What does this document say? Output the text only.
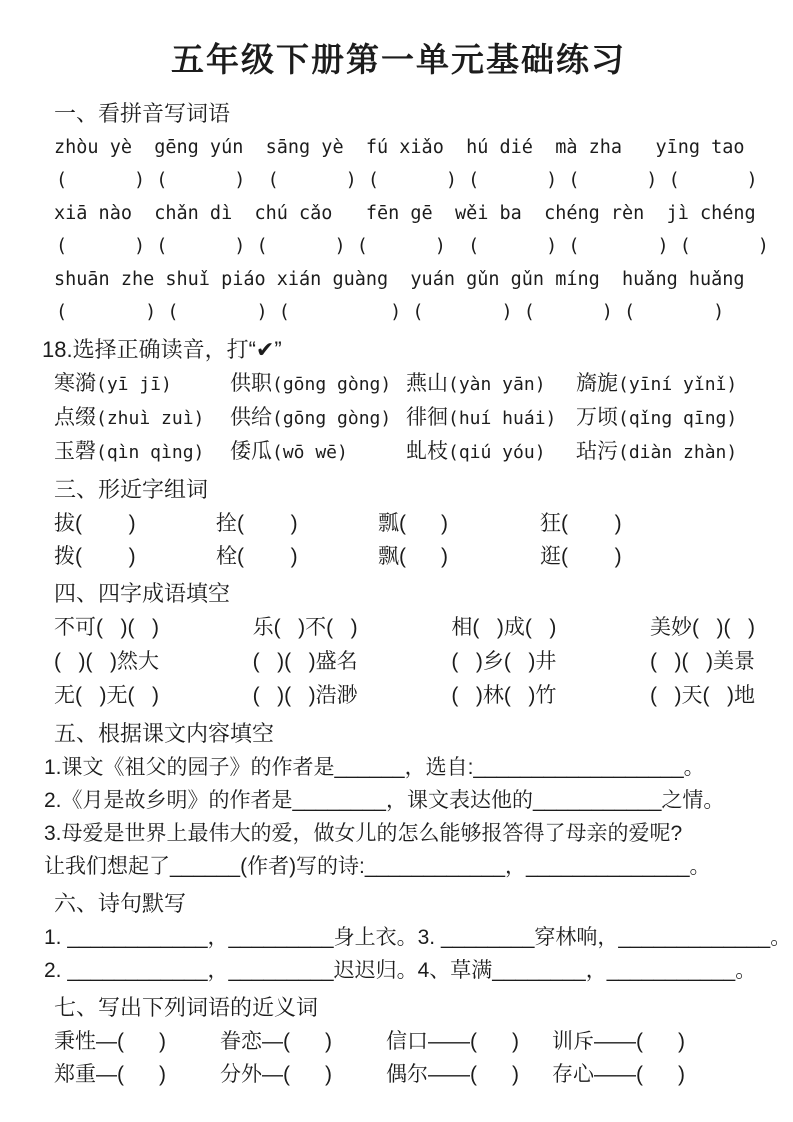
五年级下册第一单元基础练习
一、看拼音写词语
zhòu yè  gēng yún  sāng yè  fú xiǎo  hú dié  mà zha   yīng tao
(      ) (      )  (      ) (      ) (      ) (      ) (      )
xiā nào  chǎn dì  chú cǎo   fēn gē  wěi ba  chéng rèn  jì chéng
(      ) (      ) (      ) (      )  (      ) (       ) (      )
shuān zhe shuǐ piáo xián guàng  yuán gǔn gǔn míng  huǎng huǎng
(       ) (       ) (         ) (       ) (      ) (       )
18.选择正确读音，打“✔”
寒漪(yī jī)	供职(gōng gòng) 燕山(yàn yān)	旖旎(yīní yǐnǐ)
点缀(zhuì zuì)	供给(gōng gòng) 徘徊(huí huái) 万顷(qǐng qīng)
玉磬(qìn qìng)	倭瓜(wō wē)	虬枝(qiú yóu)	玷污(diàn zhàn)
三、形近字组词
拔(        )	拴(        )	瓢(      )	狂(        )
拨(        )	栓(        )	飘(      )	逛(        )
四、四字成语填空
不可(   )(   )	乐(   )不(   )	相(   )成(   )	美妙(   )(   )
(   )(   )然大	(   )(   )盛名	(   )乡(   )井	(   )(   )美景
无(   )无(   )	(   )(   )浩渺	(   )林(   )竹	(   )天(   )地
五、根据课文内容填空
1.课文《祖父的园子》的作者是______，选自:__________________。
2.《月是故乡明》的作者是________，课文表达他的___________之情。
3.母爱是世界上最伟大的爱，做女儿的怎么能够报答得了母亲的爱呢?
让我们想起了______(作者)写的诗:____________，______________。
六、诗句默写
1. ____________，_________身上衣。3. ________穿林响，_____________。
2. ____________，_________迟迟归。4、草满________，___________。
七、写出下列词语的近义词
秉性—(      )	眷恋—(      )	信口——(      )	训斥——(      )
郑重—(      )	分外—(      )	偶尔——(      )	存心——(      )
